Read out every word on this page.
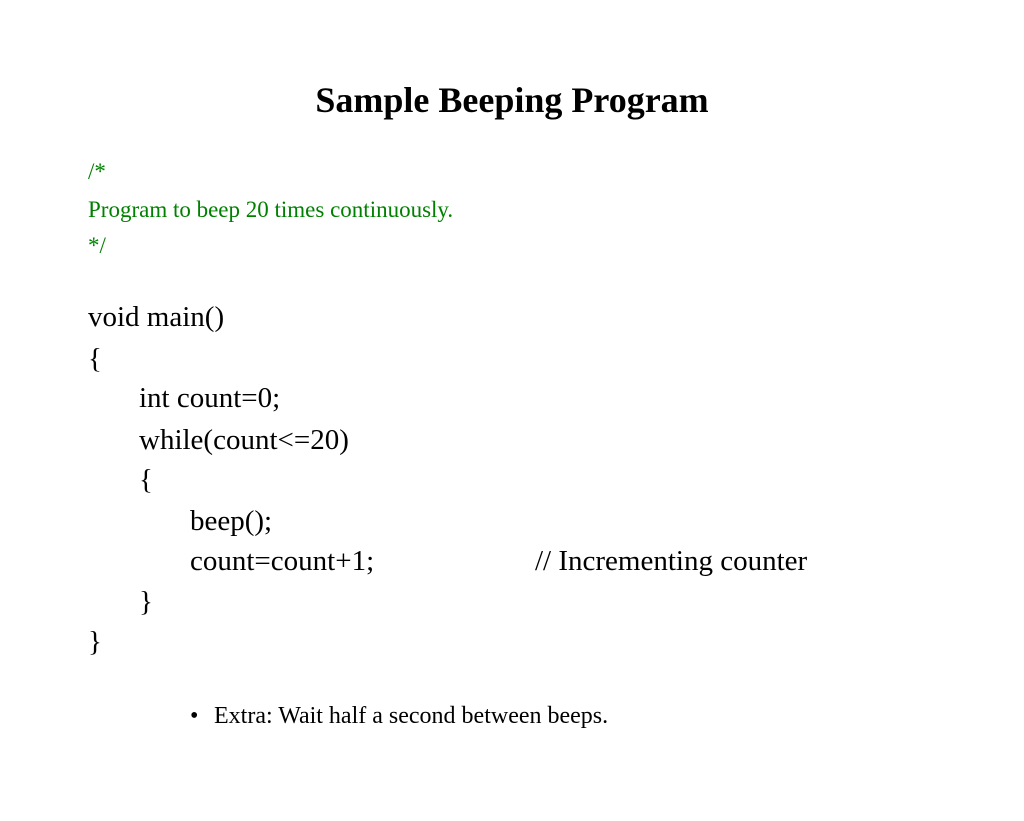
Sample Beeping Program
/*
Program to beep 20 times continuously.
*/
void main()
{
int count=0;
while(count<=20)
{
beep();
count=count+1;	// Incrementing counter
}
}

•

Extra: Wait half a second between beeps.
